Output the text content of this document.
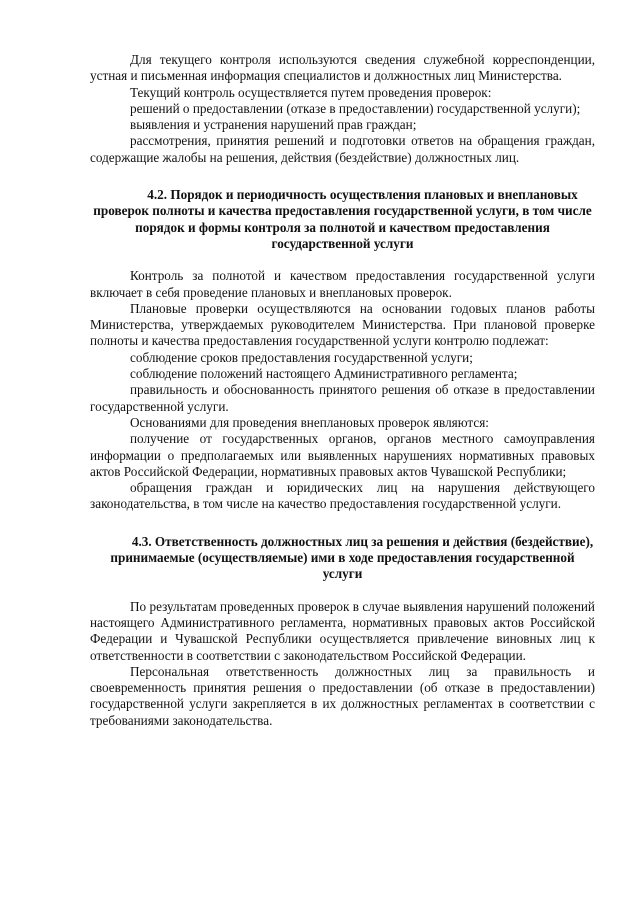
Для текущего контроля используются сведения служебной корреспонденции, устная и письменная информация специалистов и должностных лиц Министерства.

Текущий контроль осуществляется путем проведения проверок:

решений о предоставлении (отказе в предоставлении) государственной услуги);

выявления и устранения нарушений прав граждан;

рассмотрения, принятия решений и подготовки ответов на обращения граждан, содержащие жалобы на решения, действия (бездействие) должностных лиц.

4.2. Порядок и периодичность осуществления плановых и внеплановых проверок полноты и качества предоставления государственной услуги, в том числе порядок и формы контроля за полнотой и качеством предоставления государственной услуги

Контроль за полнотой и качеством предоставления государственной услуги включает в себя проведение плановых и внеплановых проверок.

Плановые проверки осуществляются на основании годовых планов работы Министерства, утверждаемых руководителем Министерства. При плановой проверке полноты и качества предоставления государственной услуги контролю подлежат:

соблюдение сроков предоставления государственной услуги;

соблюдение положений настоящего Административного регламента;

правильность и обоснованность принятого решения об отказе в предоставлении государственной услуги.

Основаниями для проведения внеплановых проверок являются:

получение от государственных органов, органов местного самоуправления информации о предполагаемых или выявленных нарушениях нормативных правовых актов Российской Федерации, нормативных правовых актов Чувашской Республики;

обращения граждан и юридических лиц на нарушения действующего законодательства, в том числе на качество предоставления государственной услуги.

4.3. Ответственность должностных лиц за решения и действия (бездействие), принимаемые (осуществляемые) ими в ходе предоставления государственной услуги

По результатам проведенных проверок в случае выявления нарушений положений настоящего Административного регламента, нормативных правовых актов Российской Федерации и Чувашской Республики осуществляется привлечение виновных лиц к ответственности в соответствии с законодательством Российской Федерации.

Персональная ответственность должностных лиц за правильность и своевременность принятия решения о предоставлении (об отказе в предоставлении) государственной услуги закрепляется в их должностных регламентах в соответствии с требованиями законодательства.
